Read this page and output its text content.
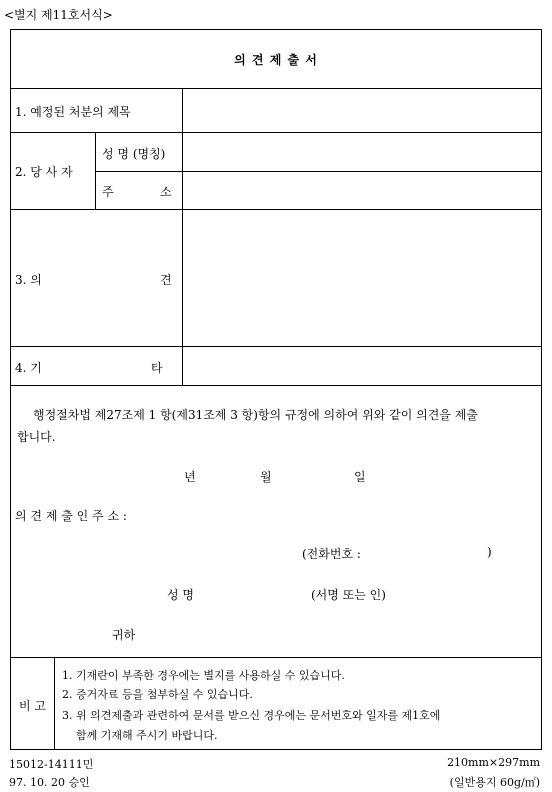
<별지 제11호서식>
의 견 제 출 서
1. 예정된 처분의 제목
2. 당 사 자
성 명 (명칭)
주	소
3. 의	견
4. 기	타
행정절차법 제27조제 1 항(제31조제 3 항)항의 규정에 의하여 위와 같이 의견을 제출
합니다.
년	월	일
의 견 제 출 인 주 소 :
(전화번호 :	)
성 명	(서명 또는 인)
귀하
비 고
1. 기재란이 부족한 경우에는 별지를 사용하실 수 있습니다.
2. 증거자료 등을 첨부하실 수 있습니다.
3. 위 의견제출과 관련하여 문서를 받으신 경우에는 문서번호와 일자를 제1호에
함께 기재해 주시기 바랍니다.
15012-14111민
97. 10. 20 승인
210mm×297mm
(일반용지 60g/㎡)
